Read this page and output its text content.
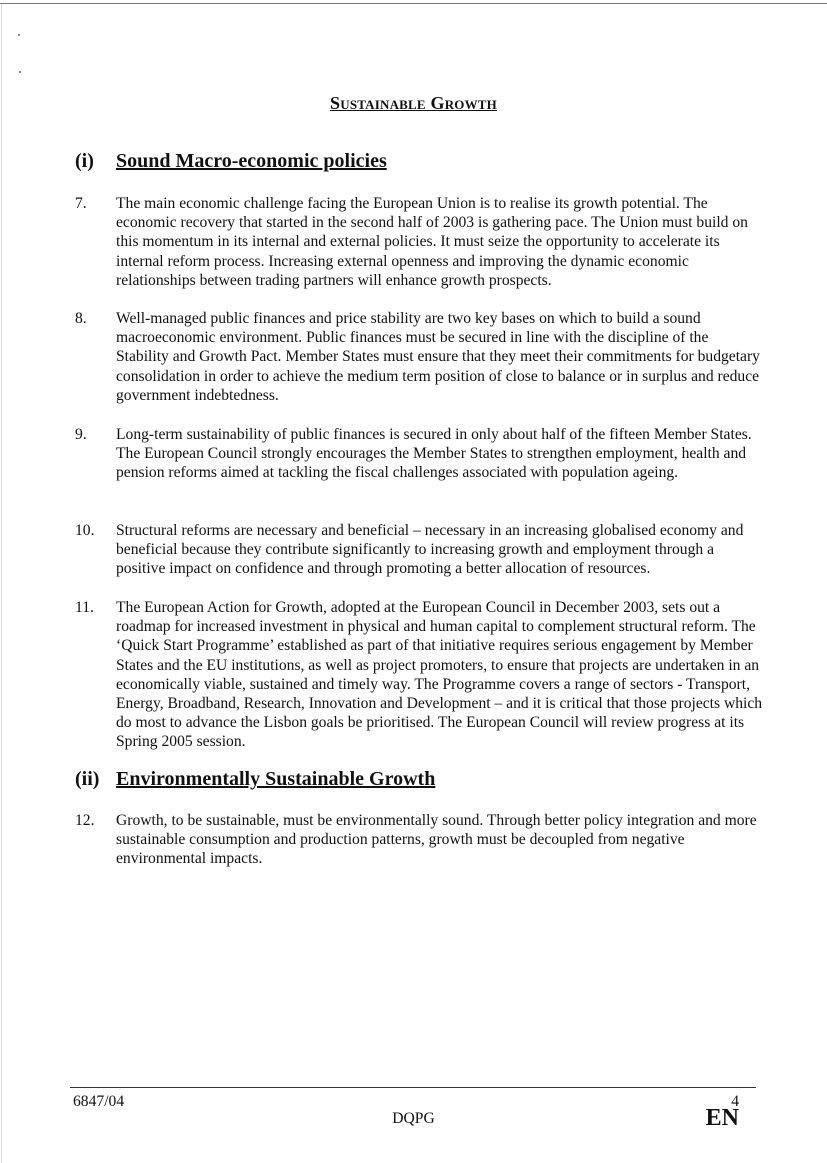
Sustainable Growth
(i) Sound Macro-economic policies
7. The main economic challenge facing the European Union is to realise its growth potential. The economic recovery that started in the second half of 2003 is gathering pace. The Union must build on this momentum in its internal and external policies. It must seize the opportunity to accelerate its internal reform process. Increasing external openness and improving the dynamic economic relationships between trading partners will enhance growth prospects.
8. Well-managed public finances and price stability are two key bases on which to build a sound macroeconomic environment. Public finances must be secured in line with the discipline of the Stability and Growth Pact. Member States must ensure that they meet their commitments for budgetary consolidation in order to achieve the medium term position of close to balance or in surplus and reduce government indebtedness.
9. Long-term sustainability of public finances is secured in only about half of the fifteen Member States. The European Council strongly encourages the Member States to strengthen employment, health and pension reforms aimed at tackling the fiscal challenges associated with population ageing.
10. Structural reforms are necessary and beneficial – necessary in an increasing globalised economy and beneficial because they contribute significantly to increasing growth and employment through a positive impact on confidence and through promoting a better allocation of resources.
11. The European Action for Growth, adopted at the European Council in December 2003, sets out a roadmap for increased investment in physical and human capital to complement structural reform. The ‘Quick Start Programme’ established as part of that initiative requires serious engagement by Member States and the EU institutions, as well as project promoters, to ensure that projects are undertaken in an economically viable, sustained and timely way. The Programme covers a range of sectors - Transport, Energy, Broadband, Research, Innovation and Development – and it is critical that those projects which do most to advance the Lisbon goals be prioritised. The European Council will review progress at its Spring 2005 session.
(ii) Environmentally Sustainable Growth
12. Growth, to be sustainable, must be environmentally sound. Through better policy integration and more sustainable consumption and production patterns, growth must be decoupled from negative environmental impacts.
6847/04	4
DQPG	EN
